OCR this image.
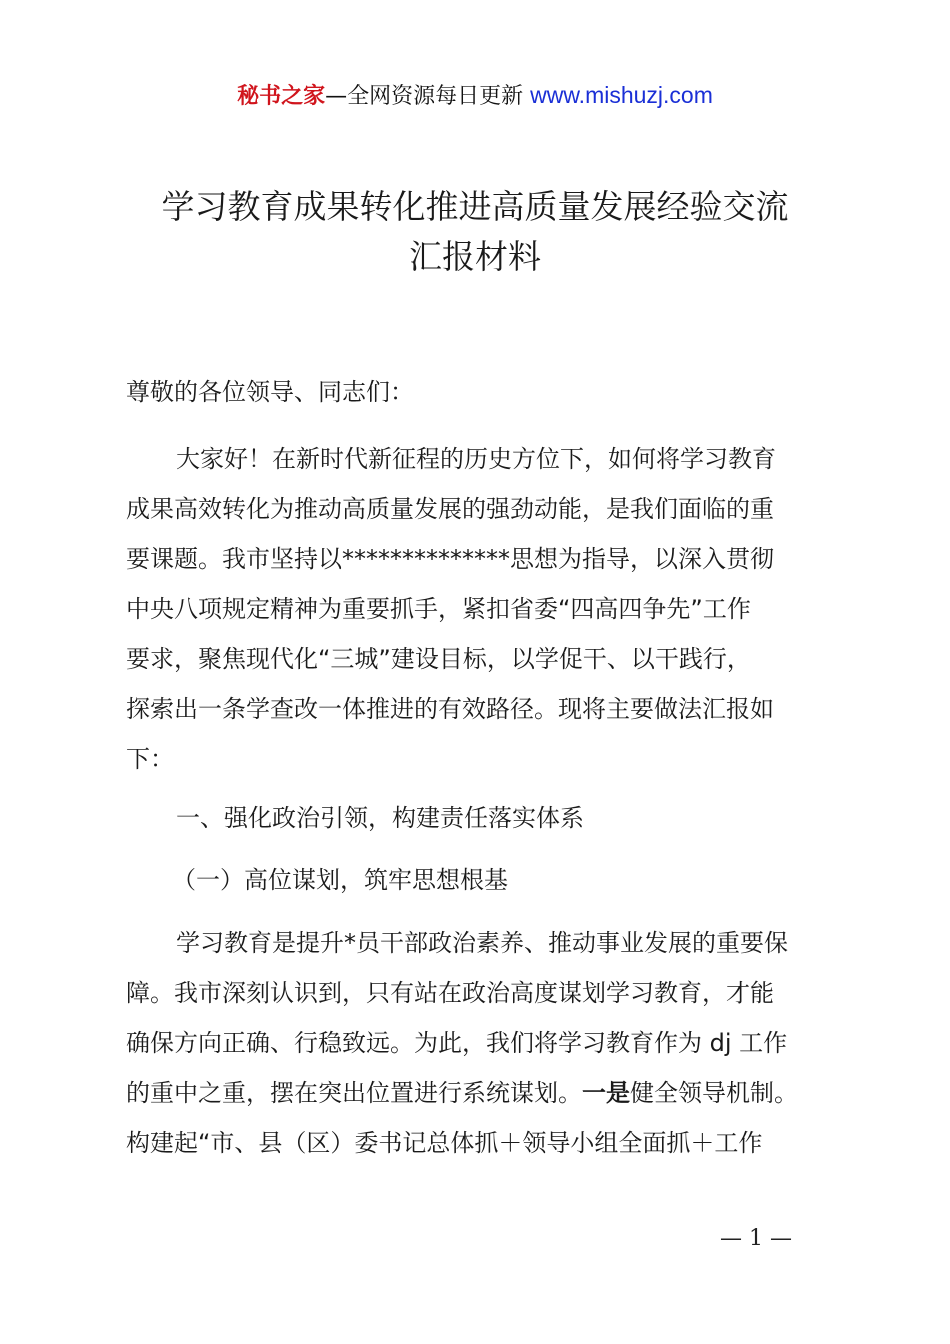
秘书之家—全网资源每日更新 www.mishuzj.com
学习教育成果转化推进高质量发展经验交流
汇报材料
尊敬的各位领导、同志们：
大家好！在新时代新征程的历史方位下，如何将学习教育
成果高效转化为推动高质量发展的强劲动能，是我们面临的重
要课题。我市坚持以**************思想为指导，以深入贯彻
中央八项规定精神为重要抓手，紧扣省委“四高四争先”工作
要求，聚焦现代化“三城”建设目标，以学促干、以干践行，
探索出一条学查改一体推进的有效路径。现将主要做法汇报如
下：
一、强化政治引领，构建责任落实体系
（一）高位谋划，筑牢思想根基
学习教育是提升*员干部政治素养、推动事业发展的重要保
障。我市深刻认识到，只有站在政治高度谋划学习教育，才能
确保方向正确、行稳致远。为此，我们将学习教育作为 dj 工作
的重中之重，摆在突出位置进行系统谋划。一是健全领导机制。
构建起“市、县（区）委书记总体抓＋领导小组全面抓＋工作
— 1 —
